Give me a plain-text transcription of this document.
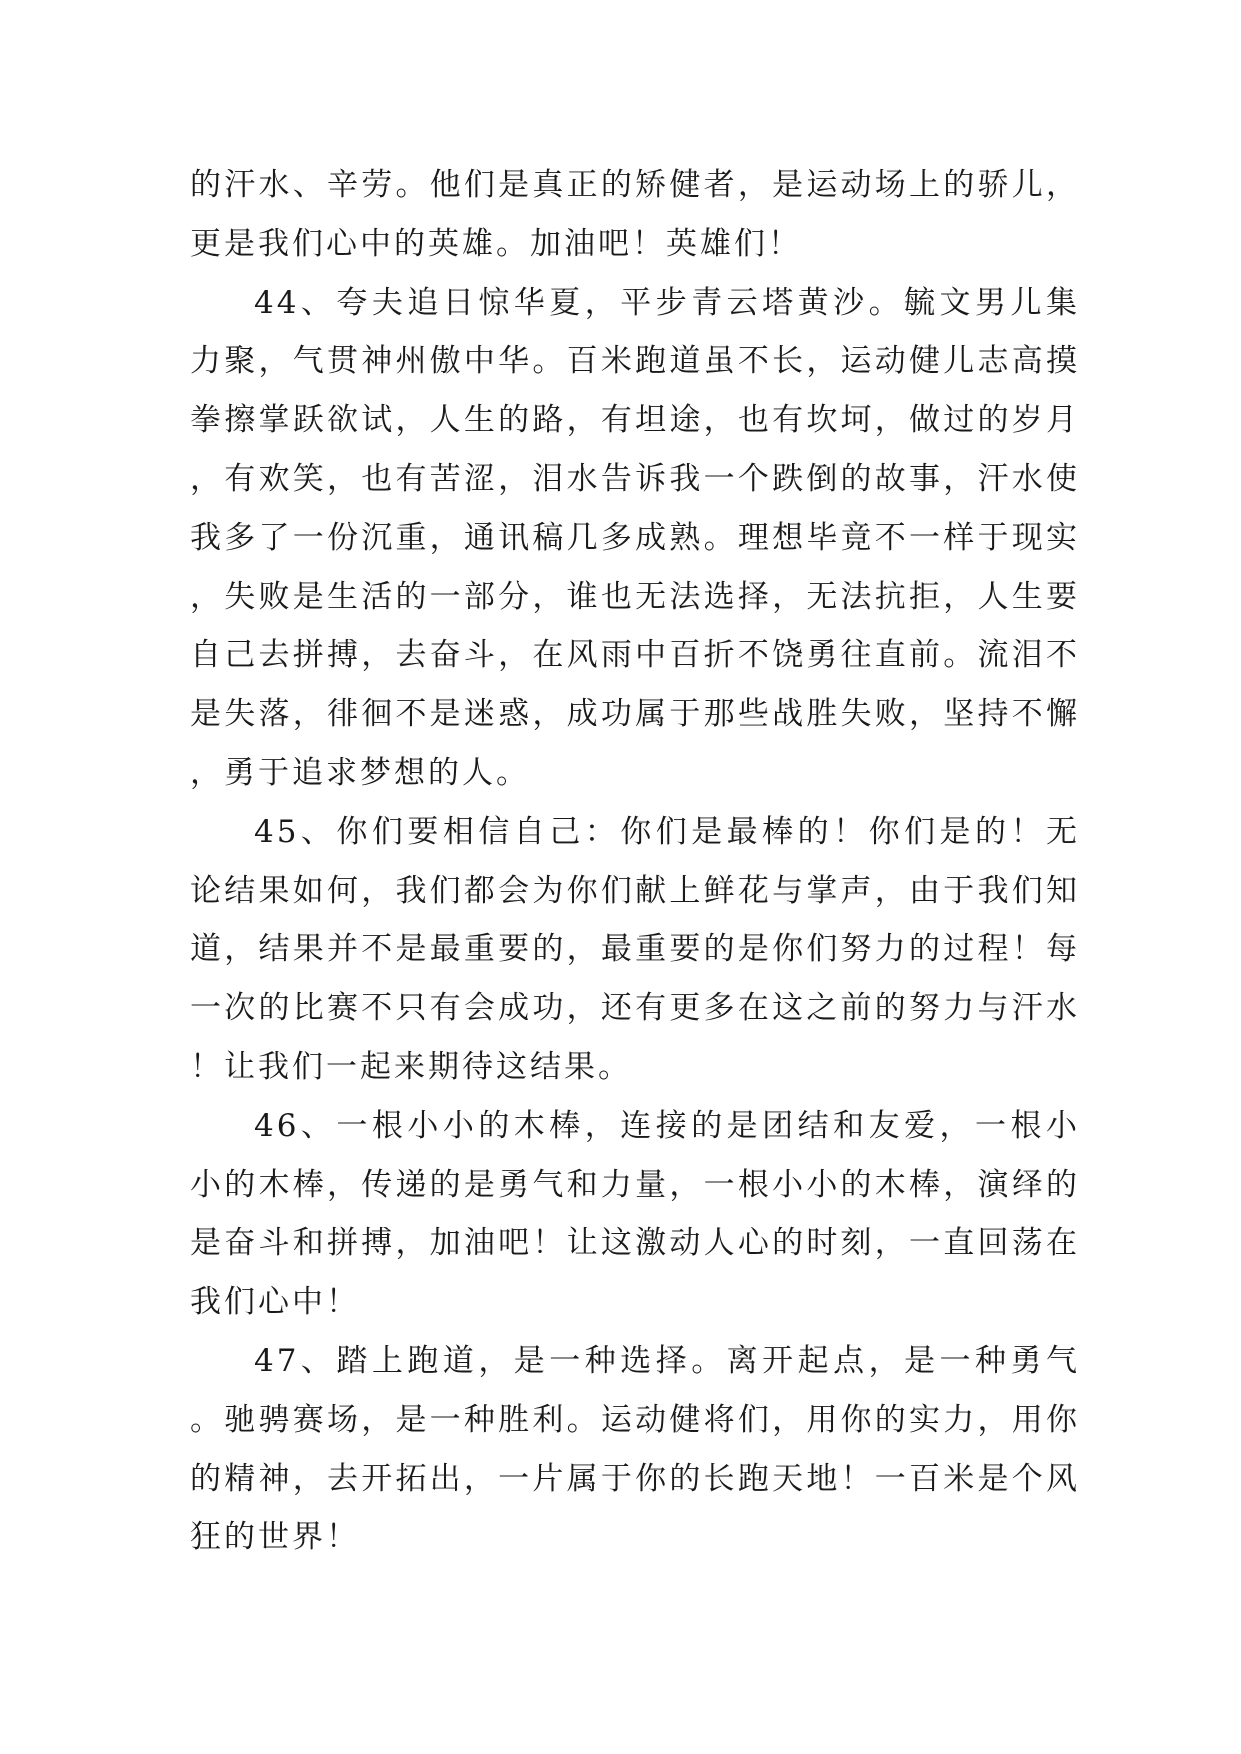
的汗水、辛劳。他们是真正的矫健者，是运动场上的骄儿，更是我们心中的英雄。加油吧！英雄们！

44、夸夫追日惊华夏，平步青云塔黄沙。毓文男儿集力聚，气贯神州傲中华。百米跑道虽不长，运动健儿志高摸拳擦掌跃欲试，人生的路，有坦途，也有坎坷，做过的岁月，有欢笑，也有苦涩，泪水告诉我一个跌倒的故事，汗水使我多了一份沉重，通讯稿几多成熟。理想毕竟不一样于现实，失败是生活的一部分，谁也无法选择，无法抗拒，人生要自己去拼搏，去奋斗，在风雨中百折不饶勇往直前。流泪不是失落，徘徊不是迷惑，成功属于那些战胜失败，坚持不懈，勇于追求梦想的人。

45、你们要相信自己：你们是最棒的！你们是的！无论结果如何，我们都会为你们献上鲜花与掌声，由于我们知道，结果并不是最重要的，最重要的是你们努力的过程！每一次的比赛不只有会成功，还有更多在这之前的努力与汗水！让我们一起来期待这结果。

46、一根小小的木棒，连接的是团结和友爱，一根小小的木棒，传递的是勇气和力量，一根小小的木棒，演绎的是奋斗和拼搏，加油吧！让这激动人心的时刻，一直回荡在我们心中！

47、踏上跑道，是一种选择。离开起点，是一种勇气。驰骋赛场，是一种胜利。运动健将们，用你的实力，用你的精神，去开拓出，一片属于你的长跑天地！一百米是个风狂的世界！
